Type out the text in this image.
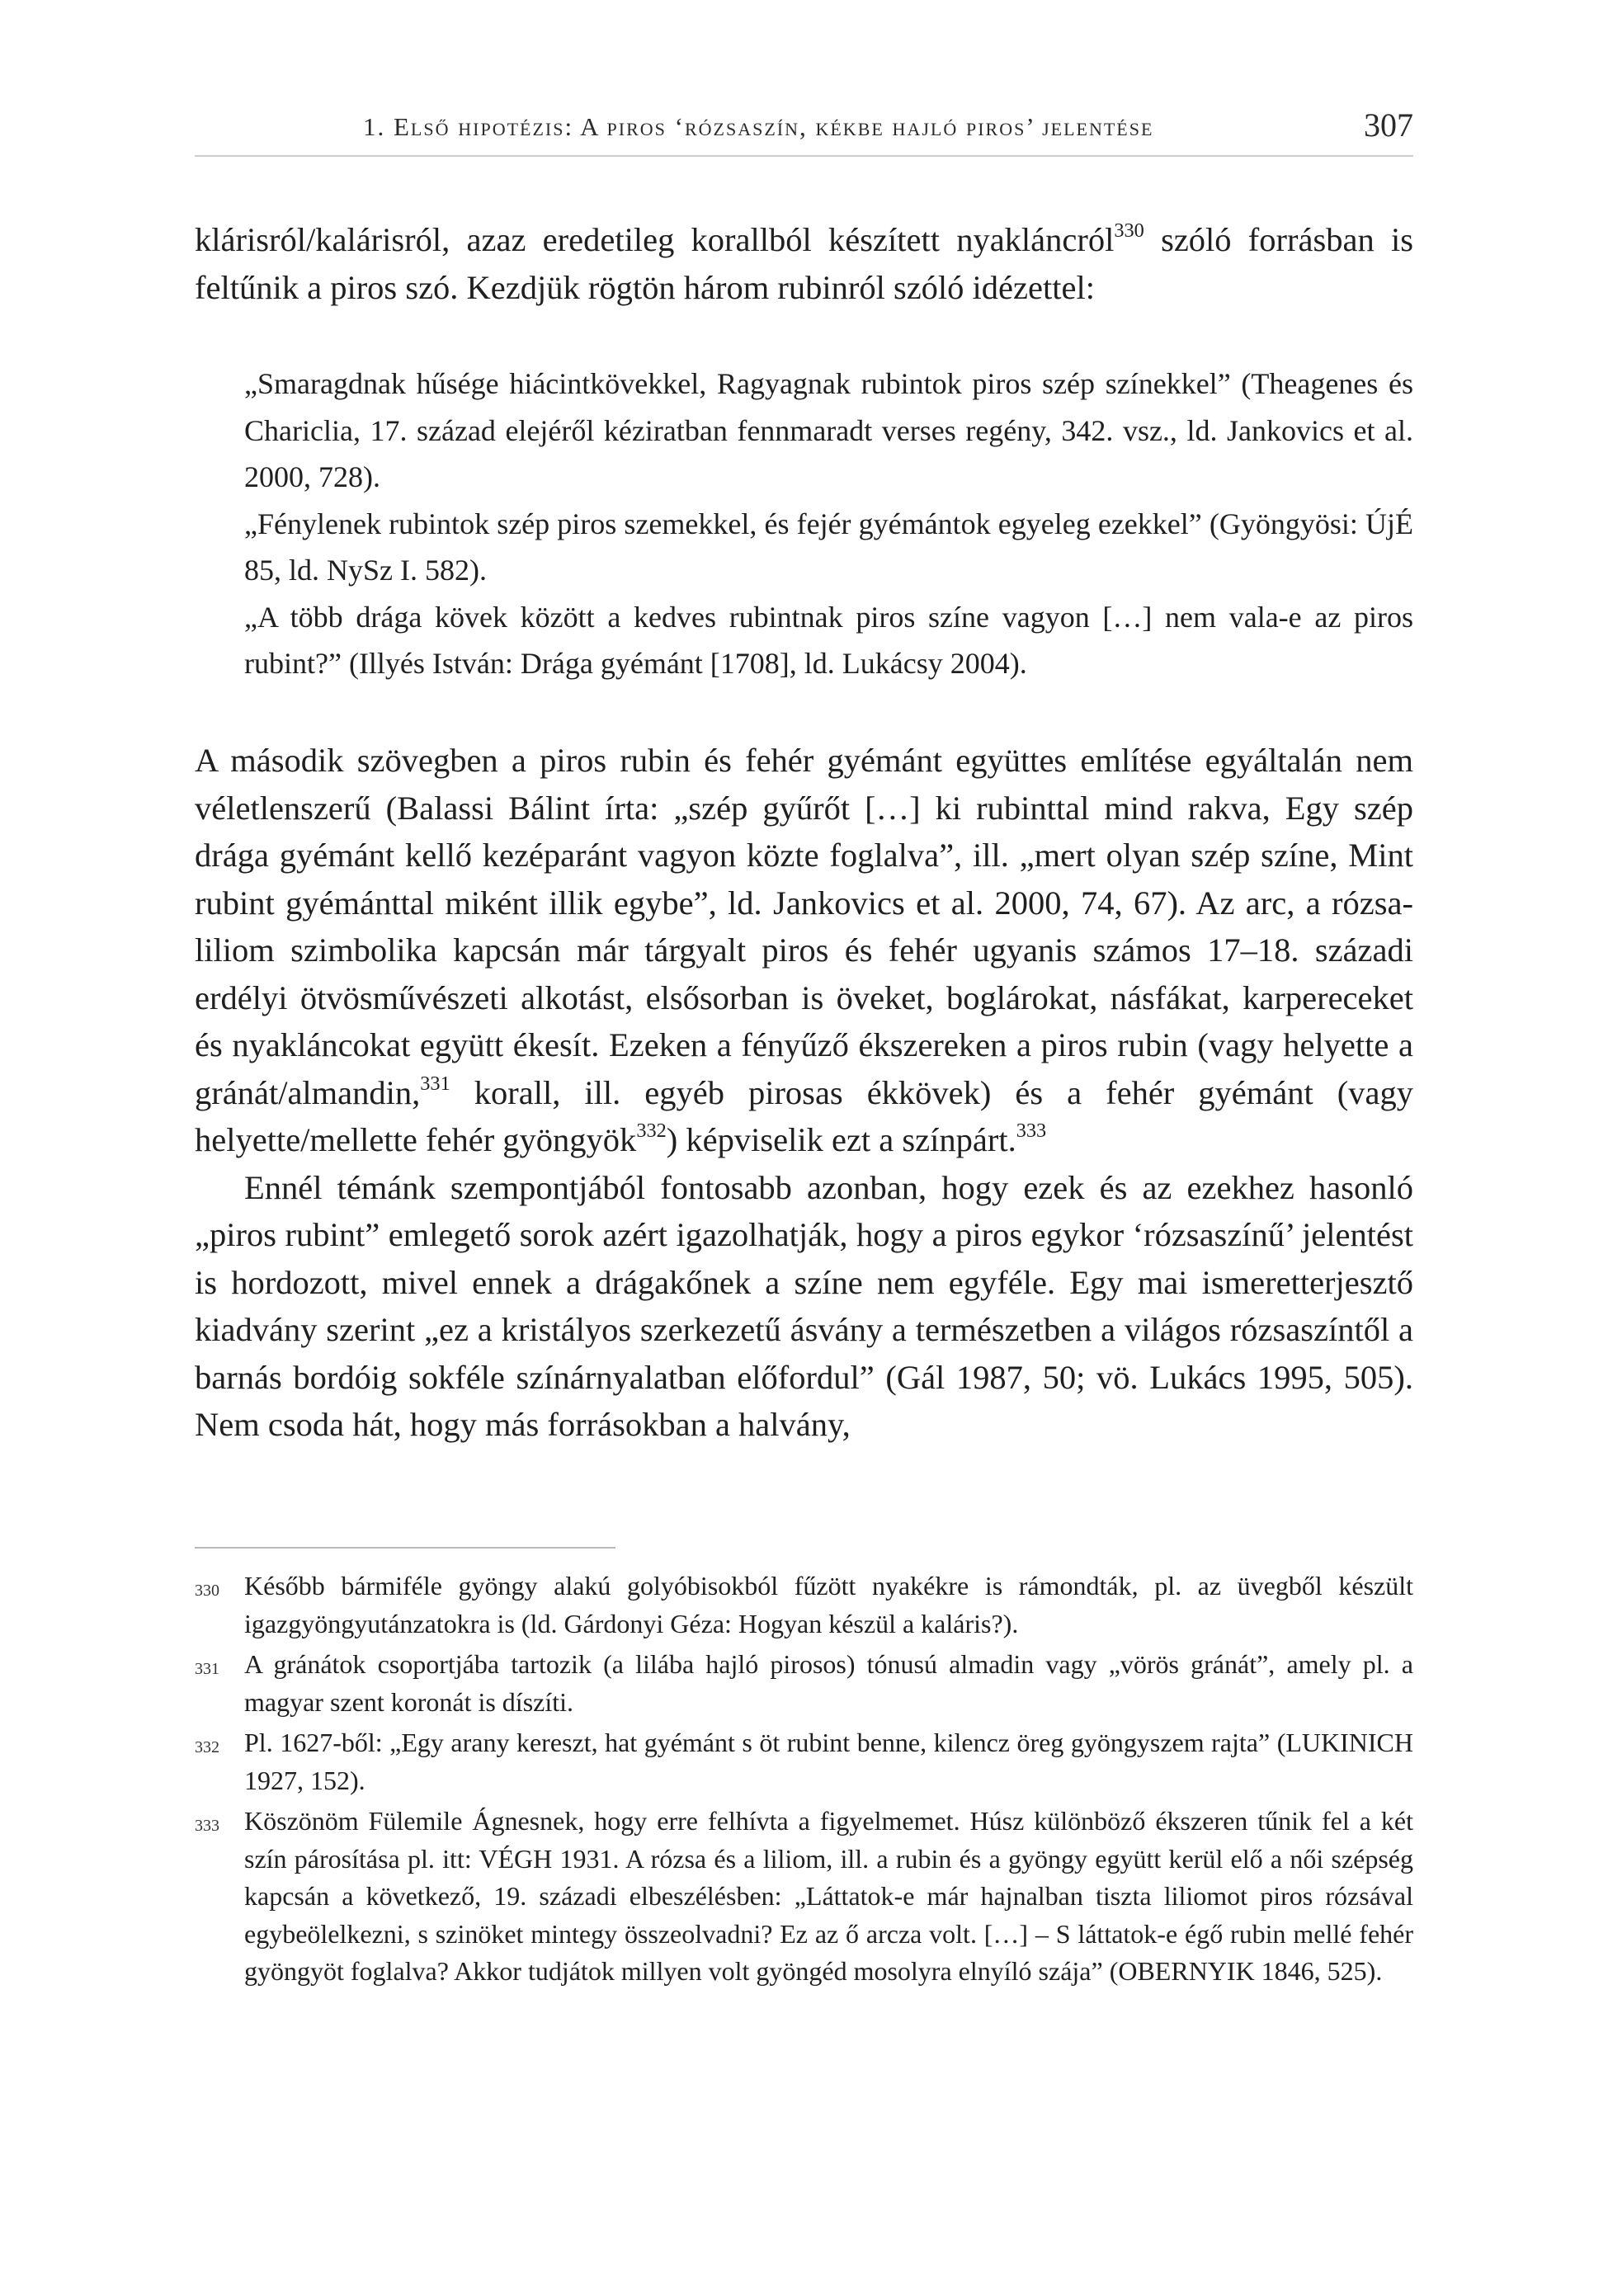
1. Első hipotézis: A piros ‘rózsaszín, kékbe hajló piros’ jelentése	307

klárisról/kalárisról, azaz eredetileg korallból készített nyakláncról$^{330}$ szóló forrásban is feltűnik a piros szó. Kezdjük rögtön három rubinról szóló idézettel:

„Smaragdnak hűsége hiácintkövekkel, Ragyagnak rubintok piros szép színekkel” (Theagenes és Chariclia, 17. század elejéről kéziratban fennmaradt verses regény, 342. vsz., ld. Jankovics et al. 2000, 728).

„Fénylenek rubintok szép piros szemekkel, és fejér gyémántok egyeleg ezekkel” (Gyöngyösi: ÚjÉ 85, ld. NySz I. 582).

„A több drága kövek között a kedves rubintnak piros színe vagyon […] nem vala-e az piros rubint?” (Illyés István: Drága gyémánt [1708], ld. Lukácsy 2004).

A második szövegben a piros rubin és fehér gyémánt együttes említése egyáltalán nem véletlenszerű (Balassi Bálint írta: „szép gyűrőt […] ki rubinttal mind rakva, Egy szép drága gyémánt kellő kezéparánt vagyon közte foglalva”, ill. „mert olyan szép színe, Mint rubint gyémánttal miként illik egybe”, ld. Jankovics et al. 2000, 74, 67). Az arc, a rózsa-liliom szimbolika kapcsán már tárgyalt piros és fehér ugyanis számos 17–18. századi erdélyi ötvösművészeti alkotást, elsősorban is öveket, boglárokat, násfákat, karpereceket és nyakláncokat együtt ékesít. Ezeken a fényűző ékszereken a piros rubin (vagy helyette a gránát/almandin,$^{331}$ korall, ill. egyéb pirosas ékkövek) és a fehér gyémánt (vagy helyette/mellette fehér gyöngyök$^{332}$) képviselik ezt a színpárt.$^{333}$

Ennél témánk szempontjából fontosabb azonban, hogy ezek és az ezekhez hasonló „piros rubint” emlegető sorok azért igazolhatják, hogy a piros egykor ‘rózsaszínű’ jelentést is hordozott, mivel ennek a drágakőnek a színe nem egyféle. Egy mai ismeretterjesztő kiadvány szerint „ez a kristályos szerkezetű ásvány a természetben a világos rózsaszíntől a barnás bordóig sokféle színárnyalatban előfordul” (Gál 1987, 50; vö. Lukács 1995, 505). Nem csoda hát, hogy más forrásokban a halvány,

330 Később bármiféle gyöngy alakú golyóbisokból fűzött nyakékre is rámondták, pl. az üvegből készült igazgyöngyutánzatokra is (ld. Gárdonyi Géza: Hogyan készül a kaláris?).
331 A gránátok csoportjába tartozik (a lilába hajló pirosos) tónusú almadin vagy „vörös gránát”, amely pl. a magyar szent koronát is díszíti.
332 Pl. 1627-ből: „Egy arany kereszt, hat gyémánt s öt rubint benne, kilencz öreg gyöngyszem rajta” (LUKINICH 1927, 152).
333 Köszönöm Fülemile Ágnesnek, hogy erre felhívta a figyelmemet. Húsz különböző ékszeren tűnik fel a két szín párosítása pl. itt: VÉGH 1931. A rózsa és a liliom, ill. a rubin és a gyöngy együtt kerül elő a női szépség kapcsán a következő, 19. századi elbeszélésben: „Láttatok-e már hajnalban tiszta liliomot piros rózsával egybeölelkezni, s szinöket mintegy összeolvadni? Ez az ő arcza volt. […] – S láttatok-e égő rubin mellé fehér gyöngyöt foglalva? Akkor tudjátok millyen volt gyöngéd mosolyra elnyíló szája” (OBERNYIK 1846, 525).
